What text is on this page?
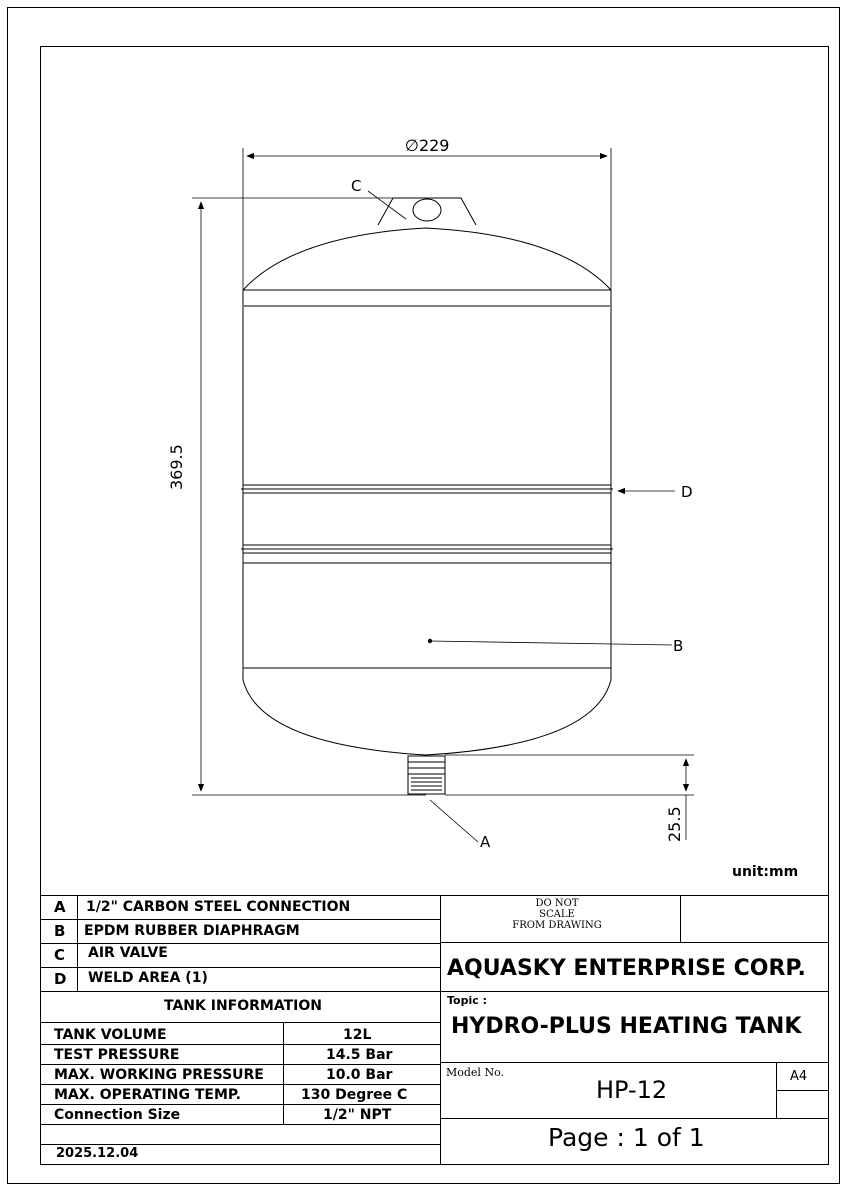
∅229
369.5
25.5
C
D
B
A
unit:mm
A 1/2" CARBON STEEL CONNECTION
B EPDM RUBBER DIAPHRAGM
C AIR VALVE
D WELD AREA (1)
TANK INFORMATION
TANK VOLUME	12L
TEST PRESSURE	14.5 Bar
MAX. WORKING PRESSURE	10.0 Bar
MAX. OPERATING TEMP.	130 Degree C
Connection Size	1/2" NPT
2025.12.04
DO NOT
SCALE
FROM DRAWING
AQUASKY ENTERPRISE CORP.
Topic :
HYDRO-PLUS HEATING TANK
Model No.
HP-12	A4
Page : 1 of 1
